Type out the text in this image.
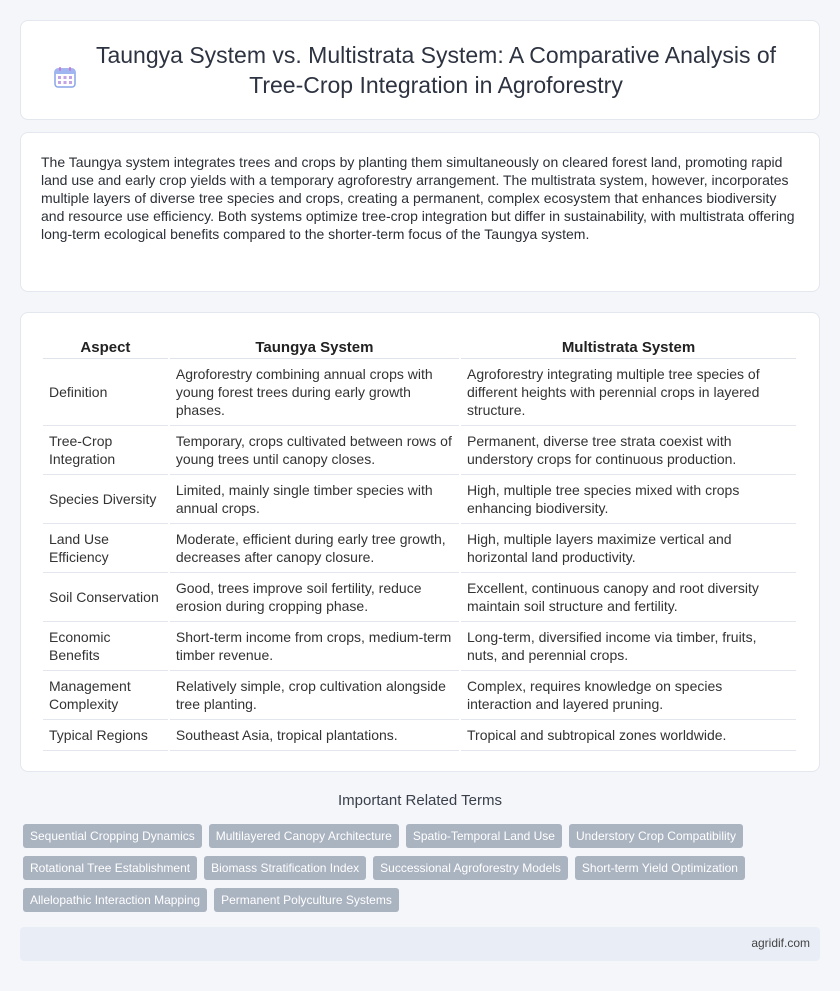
Taungya System vs. Multistrata System: A Comparative Analysis of Tree-Crop Integration in Agroforestry

The Taungya system integrates trees and crops by planting them simultaneously on cleared forest land, promoting rapid land use and early crop yields with a temporary agroforestry arrangement. The multistrata system, however, incorporates multiple layers of diverse tree species and crops, creating a permanent, complex ecosystem that enhances biodiversity and resource use efficiency. Both systems optimize tree-crop integration but differ in sustainability, with multistrata offering long-term ecological benefits compared to the shorter-term focus of the Taungya system.

Aspect	Taungya System	Multistrata System
Definition	Agroforestry combining annual crops with young forest trees during early growth phases.	Agroforestry integrating multiple tree species of different heights with perennial crops in layered structure.
Tree-Crop Integration	Temporary, crops cultivated between rows of young trees until canopy closes.	Permanent, diverse tree strata coexist with understory crops for continuous production.
Species Diversity	Limited, mainly single timber species with annual crops.	High, multiple tree species mixed with crops enhancing biodiversity.
Land Use Efficiency	Moderate, efficient during early tree growth, decreases after canopy closure.	High, multiple layers maximize vertical and horizontal land productivity.
Soil Conservation	Good, trees improve soil fertility, reduce erosion during cropping phase.	Excellent, continuous canopy and root diversity maintain soil structure and fertility.
Economic Benefits	Short-term income from crops, medium-term timber revenue.	Long-term, diversified income via timber, fruits, nuts, and perennial crops.
Management Complexity	Relatively simple, crop cultivation alongside tree planting.	Complex, requires knowledge on species interaction and layered pruning.
Typical Regions	Southeast Asia, tropical plantations.	Tropical and subtropical zones worldwide.
Important Related Terms
Sequential Cropping Dynamics	Multilayered Canopy Architecture	Spatio-Temporal Land Use	Understory Crop Compatibility
Rotational Tree Establishment	Biomass Stratification Index	Successional Agroforestry Models	Short-term Yield Optimization
Allelopathic Interaction Mapping	Permanent Polyculture Systems
agridif.com
